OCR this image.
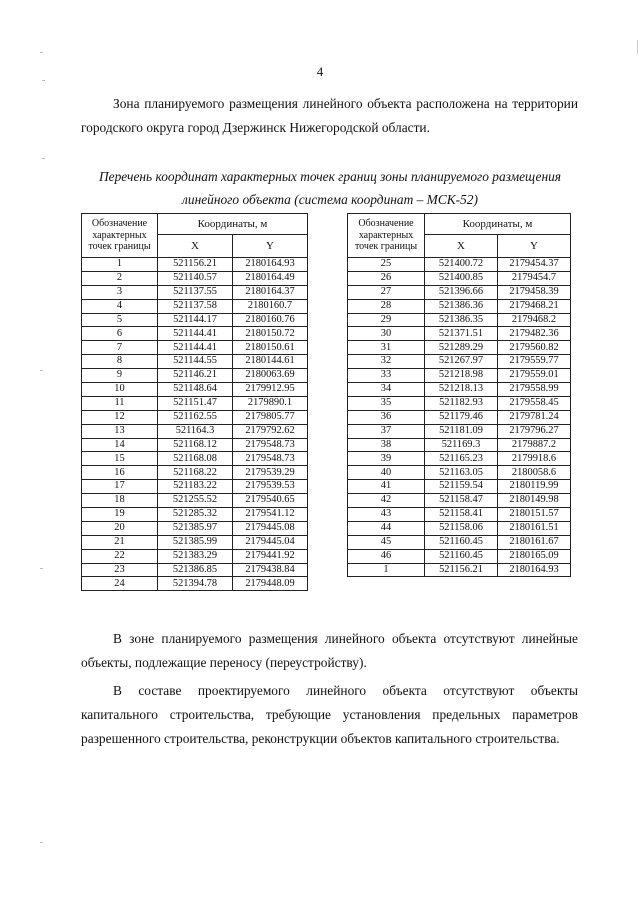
4
Зона планируемого размещения линейного объекта расположена на территории городского округа город Дзержинск Нижегородской области.
Перечень координат характерных точек границ зоны планируемого размещения
линейного объекта (система координат – МСК-52)
Обозначение характерных точек границы	Координаты, м	
	X	Y
1	521156.21	2180164.93
2	521140.57	2180164.49
3	521137.55	2180164.37
4	521137.58	2180160.7
5	521144.17	2180160.76
6	521144.41	2180150.72
7	521144.41	2180150.61
8	521144.55	2180144.61
9	521146.21	2180063.69
10	521148.64	2179912.95
11	521151.47	2179890.1
12	521162.55	2179805.77
13	521164.3	2179792.62
14	521168.12	2179548.73
15	521168.08	2179548.73
16	521168.22	2179539.29
17	521183.22	2179539.53
18	521255.52	2179540.65
19	521285.32	2179541.12
20	521385.97	2179445.08
21	521385.99	2179445.04
22	521383.29	2179441.92
23	521386.85	2179438.84
24	521394.78	2179448.09
Обозначение характерных точек границы	Координаты, м	
	X	Y
25	521400.72	2179454.37
26	521400.85	2179454.7
27	521396.66	2179458.39
28	521386.36	2179468.21
29	521386.35	2179468.2
30	521371.51	2179482.36
31	521289.29	2179560.82
32	521267.97	2179559.77
33	521218.98	2179559.01
34	521218.13	2179558.99
35	521182.93	2179558.45
36	521179.46	2179781.24
37	521181.09	2179796.27
38	521169.3	2179887.2
39	521165.23	2179918.6
40	521163.05	2180058.6
41	521159.54	2180119.99
42	521158.47	2180149.98
43	521158.41	2180151.57
44	521158.06	2180161.51
45	521160.45	2180161.67
46	521160.45	2180165.09
1	521156.21	2180164.93
В зоне планируемого размещения линейного объекта отсутствуют линейные объекты, подлежащие переносу (переустройству).
В составе проектируемого линейного объекта отсутствуют объекты капитального строительства, требующие установления предельных параметров разрешенного строительства, реконструкции объектов капитального строительства.
